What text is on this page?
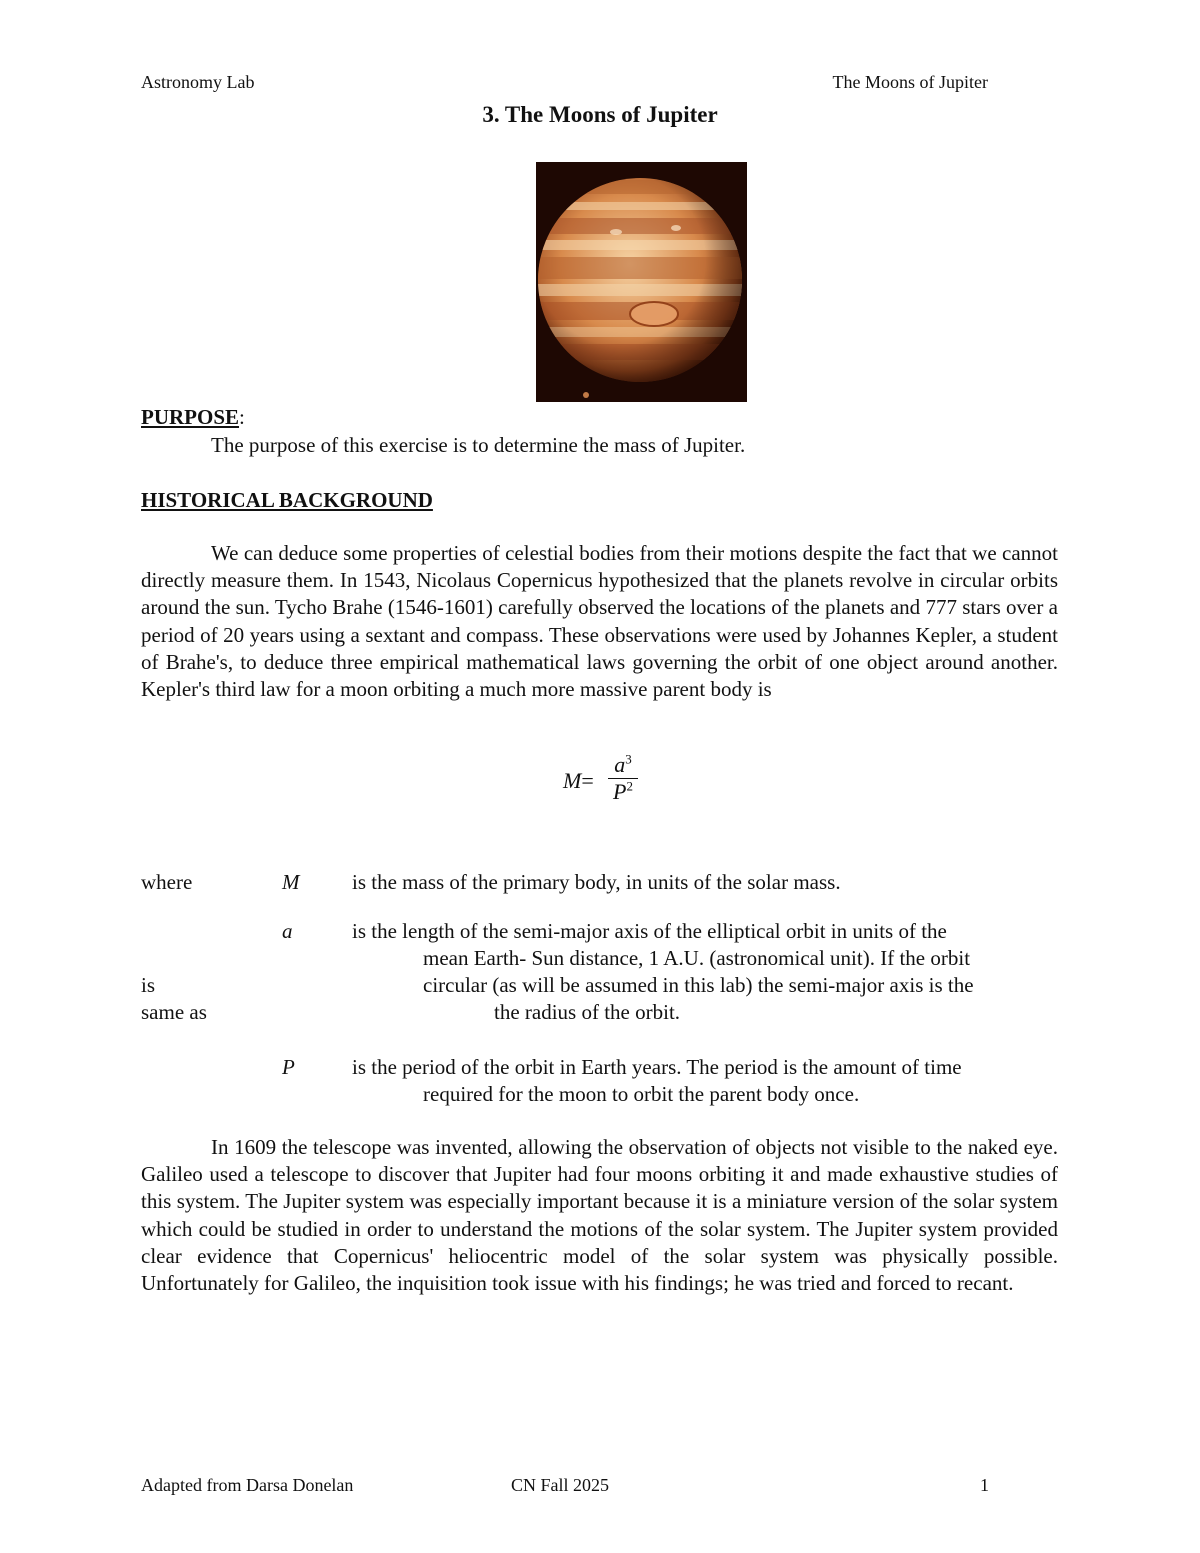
Astronomy Lab	The Moons of Jupiter
3. The Moons of Jupiter
PURPOSE:
The purpose of this exercise is to determine the mass of Jupiter.
HISTORICAL BACKGROUND

We can deduce some properties of celestial bodies from their motions despite the fact that we cannot directly measure them. In 1543, Nicolaus Copernicus hypothesized that the planets revolve in circular orbits around the sun. Tycho Brahe (1546-1601) carefully observed the locations of the planets and 777 stars over a period of 20 years using a sextant and compass. These observations were used by Johannes Kepler, a student of Brahe's, to deduce three empirical mathematical laws governing the orbit of one object around another. Kepler's third law for a moon orbiting a much more massive parent body is

M=
$a^3$
$P^2$
where	M	is the mass of the primary body, in units of the solar mass.
a	is the length of the semi-major axis of the elliptical orbit in units of the
mean Earth- Sun distance, 1 A.U. (astronomical unit). If the orbit
is	circular (as will be assumed in this lab) the semi-major axis is the
same as	the radius of the orbit.
P	is the period of the orbit in Earth years. The period is the amount of time
required for the moon to orbit the parent body once.

In 1609 the telescope was invented, allowing the observation of objects not visible to the naked eye. Galileo used a telescope to discover that Jupiter had four moons orbiting it and made exhaustive studies of this system. The Jupiter system was especially important because it is a miniature version of the solar system which could be studied in order to understand the motions of the solar system. The Jupiter system provided clear evidence that Copernicus' heliocentric model of the solar system was physically possible. Unfortunately for Galileo, the inquisition took issue with his findings; he was tried and forced to recant.

Adapted from Darsa Donelan	CN Fall 2025	1
